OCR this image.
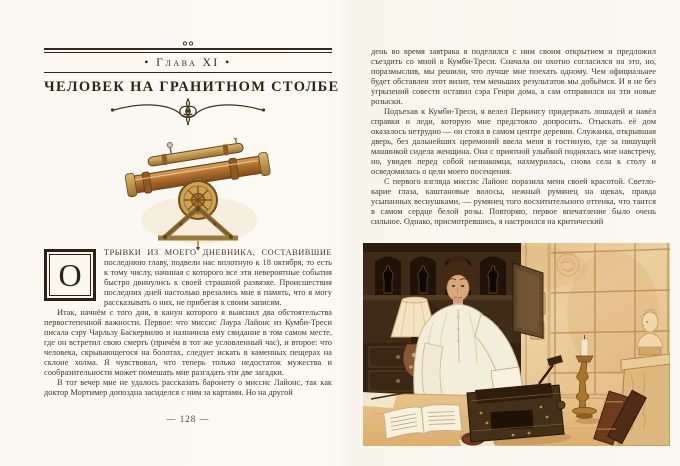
• Глава XI •
ЧЕЛОВЕК НА ГРАНИТНОМ СТОЛБЕ
О

ТРЫВКИ ИЗ МОЕГО ДНЕВНИКА, СОСТАВИВШИЕ последнюю главу, подвели нас вплотную к 18 октября, то есть к тому числу, начиная с которого все эти невероятные события быстро двинулись к своей страшной развязке. Происшествия последних дней настолько врезались мне в память, что я могу рассказывать о них, не прибегая к своим записям.

Итак, начнём с того дня, в канун которого я выяснил два обстоятельства первостепенной важности. Первое: что миссис Лаура Лайонс из Кумби-Треси писала сэру Чарльзу Баскервилю и назначила ему свидание в том самом месте, где он встретил свою смерть (причём в тот же условленный час), и второе: что человека, скрывающегося на болотах, следует искать в каменных пещерах на склоне холма. Я чувствовал, что теперь только недостаток мужества и сообразительности может помешать мне разгадать эти две загадки.

В тот вечер мне не удалось рассказать баронету о миссис Лайонс, так как доктор Мортимер допоздна засиделся с ним за картами. Но на другой

— 128 —

день во время завтрака я поделился с ним своим открытием и предложил съездить со мной в Кумби-Треси. Сначала он охотно согласился на это, но, поразмыслив, мы решили, что лучше мне поехать одному. Чем официальнее будет обставлен этот визит, тем меньших результатов мы добьёмся. И я не без угрызений совести оставил сэра Генри дома, а сам отправился на эти новые розыски.

Подъехав к Кумби-Треси, я велел Перкинсу придержать лошадей и навёл справки о леди, которую мне предстояло допросить. Отыскать её дом оказалось нетрудно — он стоял в самом центре деревни. Служанка, открывшая дверь, без дальнейших церемоний ввела меня в гостиную, где за пишущей машинкой сидела женщина. Она с приятной улыбкой поднялась мне навстречу, но, увидев перед собой незнакомца, нахмурилась, снова села к столу и осведомилась о цели моего посещения.

С первого взгляда миссис Лайонс поразила меня своей красотой. Светло-карие глаза, каштановые волосы, нежный румянец на щеках, правда усыпанных веснушками, — румянец того восхитительного оттенка, что таится в самом сердце белой розы. Повторяю, первое впечатление было очень сильное. Однако, присмотревшись, я настроился на критический
